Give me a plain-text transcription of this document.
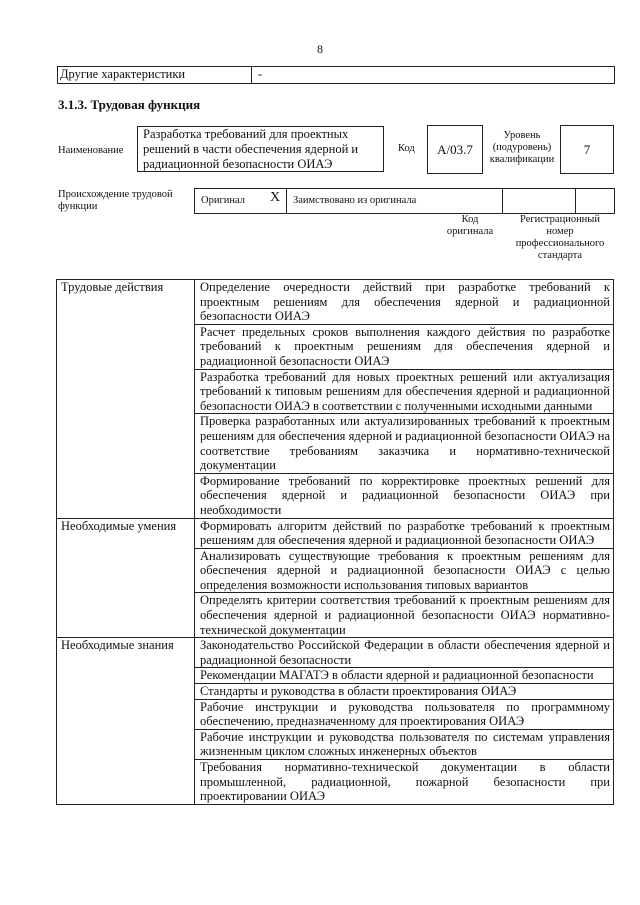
8
Другие характеристики	-
3.1.3. Трудовая функция
Наименование
Разработка требований для проектных решений в части обеспечения ядерной и радиационной безопасности ОИАЭ
Код	A/03.7
Уровень (подуровень) квалификации
7
Происхождение трудовой функции
Оригинал X Заимствовано из оригинала
Код оригинала
Регистрационный номер профессионального стандарта
Трудовые действия	Определение очередности действий при разработке требований к проектным решениям для обеспечения ядерной и радиационной безопасности ОИАЭ
	Расчет предельных сроков выполнения каждого действия по разработке требований к проектным решениям для обеспечения ядерной и радиационной безопасности ОИАЭ
	Разработка требований для новых проектных решений или актуализация требований к типовым решениям для обеспечения ядерной и радиационной безопасности ОИАЭ в соответствии с полученными исходными данными
	Проверка разработанных или актуализированных требований к проектным решениям для обеспечения ядерной и радиационной безопасности ОИАЭ на соответствие требованиям заказчика и нормативно-технической документации
	Формирование требований по корректировке проектных решений для обеспечения ядерной и радиационной безопасности ОИАЭ при необходимости
Необходимые умения	Формировать алгоритм действий по разработке требований к проектным решениям для обеспечения ядерной и радиационной безопасности ОИАЭ
	Анализировать существующие требования к проектным решениям для обеспечения ядерной и радиационной безопасности ОИАЭ с целью определения возможности использования типовых вариантов
	Определять критерии соответствия требований к проектным решениям для обеспечения ядерной и радиационной безопасности ОИАЭ нормативно-технической документации
Необходимые знания	Законодательство Российской Федерации в области обеспечения ядерной и радиационной безопасности
	Рекомендации МАГАТЭ в области ядерной и радиационной безопасности
	Стандарты и руководства в области проектирования ОИАЭ
	Рабочие инструкции и руководства пользователя по программному обеспечению, предназначенному для проектирования ОИАЭ
	Рабочие инструкции и руководства пользователя по системам управления жизненным циклом сложных инженерных объектов
	Требования нормативно-технической документации в области промышленной, радиационной, пожарной безопасности при проектировании ОИАЭ
